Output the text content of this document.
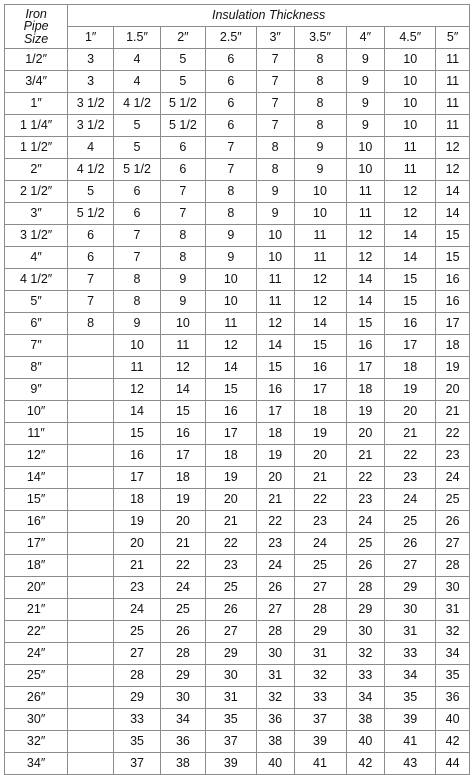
Iron
Pipe
Size	Insulation Thickness								
	1″	1.5″	2″	2.5″	3″	3.5″	4″	4.5″	5″
1/2″	3	4	5	6	7	8	9	10	11
3/4″	3	4	5	6	7	8	9	10	11
1″	3 1/2	4 1/2	5 1/2	6	7	8	9	10	11
1 1/4″	3 1/2	5	5 1/2	6	7	8	9	10	11
1 1/2″	4	5	6	7	8	9	10	11	12
2″	4 1/2	5 1/2	6	7	8	9	10	11	12
2 1/2″	5	6	7	8	9	10	11	12	14
3″	5 1/2	6	7	8	9	10	11	12	14
3 1/2″	6	7	8	9	10	11	12	14	15
4″	6	7	8	9	10	11	12	14	15
4 1/2″	7	8	9	10	11	12	14	15	16
5″	7	8	9	10	11	12	14	15	16
6″	8	9	10	11	12	14	15	16	17
7″		10	11	12	14	15	16	17	18
8″		11	12	14	15	16	17	18	19
9″		12	14	15	16	17	18	19	20
10″		14	15	16	17	18	19	20	21
11″		15	16	17	18	19	20	21	22
12″		16	17	18	19	20	21	22	23
14″		17	18	19	20	21	22	23	24
15″		18	19	20	21	22	23	24	25
16″		19	20	21	22	23	24	25	26
17″		20	21	22	23	24	25	26	27
18″		21	22	23	24	25	26	27	28
20″		23	24	25	26	27	28	29	30
21″		24	25	26	27	28	29	30	31
22″		25	26	27	28	29	30	31	32
24″		27	28	29	30	31	32	33	34
25″		28	29	30	31	32	33	34	35
26″		29	30	31	32	33	34	35	36
30″		33	34	35	36	37	38	39	40
32″		35	36	37	38	39	40	41	42
34″		37	38	39	40	41	42	43	44
